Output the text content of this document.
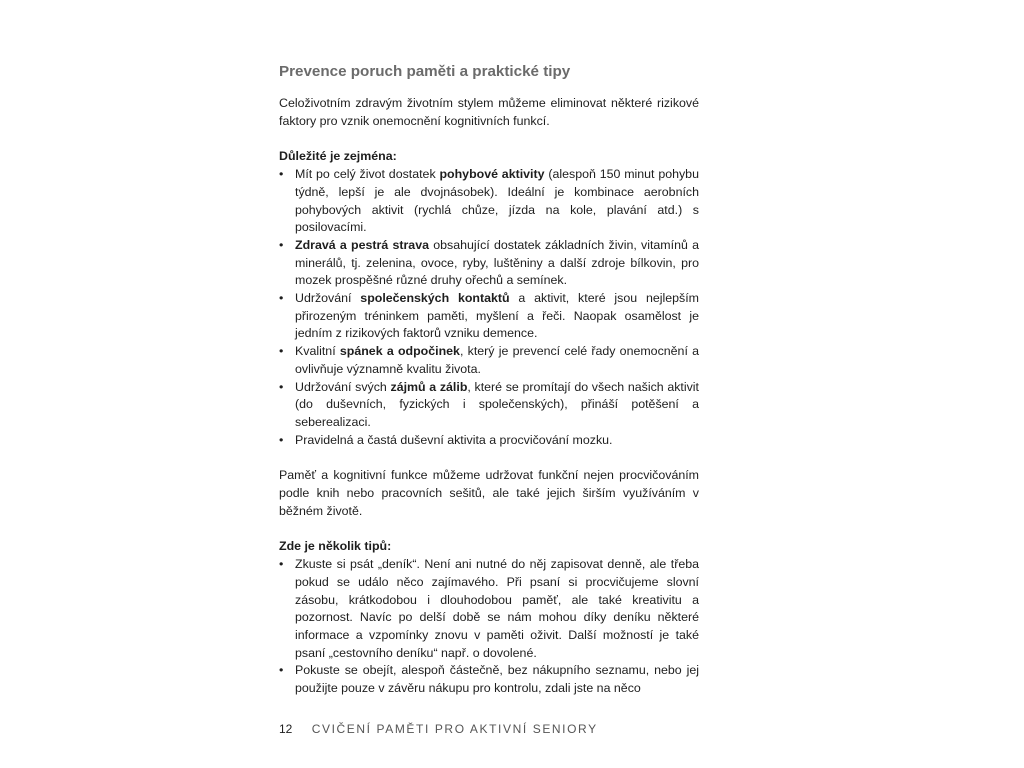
Prevence poruch paměti a praktické tipy

Celoživotním zdravým životním stylem můžeme eliminovat některé rizikové faktory pro vznik onemocnění kognitivních funkcí.

Důležité je zejména:
• Mít po celý život dostatek pohybové aktivity (alespoň 150 minut pohybu týdně, lepší je ale dvojnásobek). Ideální je kombinace aerobních pohybových aktivit (rychlá chůze, jízda na kole, plavání atd.) s posilovacími.
• Zdravá a pestrá strava obsahující dostatek základních živin, vitamínů a minerálů, tj. zelenina, ovoce, ryby, luštěniny a další zdroje bílkovin, pro mozek prospěšné různé druhy ořechů a semínek.
• Udržování společenských kontaktů a aktivit, které jsou nejlepším přirozeným tréninkem paměti, myšlení a řeči. Naopak osamělost je jedním z rizikových faktorů vzniku demence.
• Kvalitní spánek a odpočinek, který je prevencí celé řady onemocnění a ovlivňuje významně kvalitu života.
• Udržování svých zájmů a zálib, které se promítají do všech našich aktivit (do duševních, fyzických i společenských), přináší potěšení a seberealizaci.
• Pravidelná a častá duševní aktivita a procvičování mozku.

Paměť a kognitivní funkce můžeme udržovat funkční nejen procvičováním podle knih nebo pracovních sešitů, ale také jejich širším využíváním v běžném životě.

Zde je několik tipů:
• Zkuste si psát „deník“. Není ani nutné do něj zapisovat denně, ale třeba pokud se událo něco zajímavého. Při psaní si procvičujeme slovní zásobu, krátkodobou i dlouhodobou paměť, ale také kreativitu a pozornost. Navíc po delší době se nám mohou díky deníku některé informace a vzpomínky znovu v paměti oživit. Další možností je také psaní „cestovního deníku“ např. o dovolené.
• Pokuste se obejít, alespoň částečně, bez nákupního seznamu, nebo jej použijte pouze v závěru nákupu pro kontrolu, zdali jste na něco
12 CVIČENÍ PAMĚTI PRO AKTIVNÍ SENIORY
